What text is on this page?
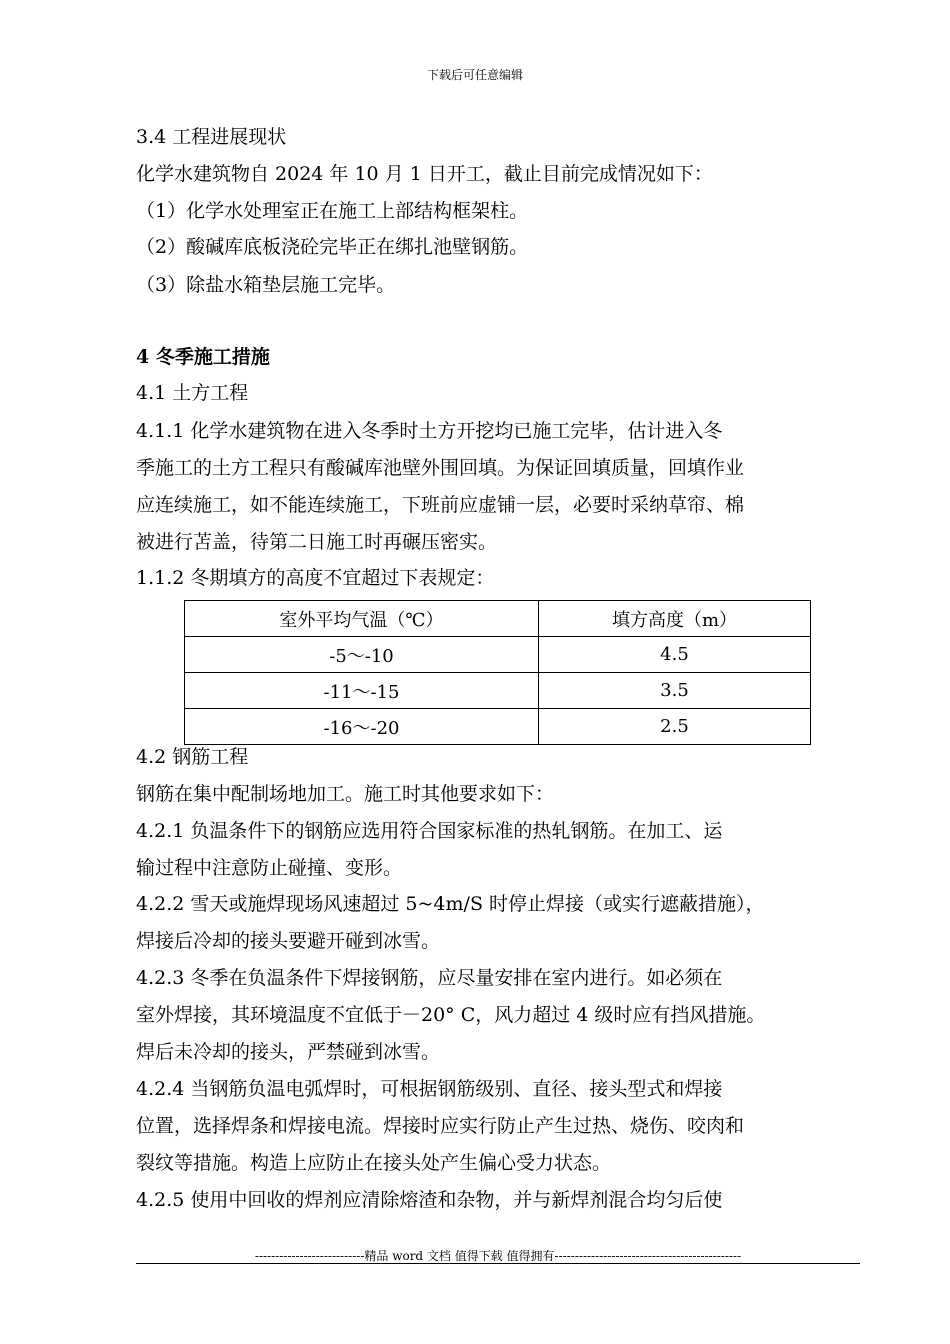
下载后可任意编辑
3.4 工程进展现状
化学水建筑物自 2024 年 10 月 1 日开工，截止目前完成情况如下：
（1）化学水处理室正在施工上部结构框架柱。
（2）酸碱库底板浇砼完毕正在绑扎池壁钢筋。
（3）除盐水箱垫层施工完毕。
4 冬季施工措施
4.1 土方工程
4.1.1 化学水建筑物在进入冬季时土方开挖均已施工完毕，估计进入冬
季施工的土方工程只有酸碱库池壁外围回填。为保证回填质量，回填作业
应连续施工，如不能连续施工，下班前应虚铺一层，必要时采纳草帘、棉
被进行苫盖，待第二日施工时再碾压密实。
1.1.2 冬期填方的高度不宜超过下表规定：
室外平均气温（℃）	填方高度（m）
-5～-10	4.5
-11～-15	3.5
-16～-20	2.5
4.2 钢筋工程
钢筋在集中配制场地加工。施工时其他要求如下：
4.2.1 负温条件下的钢筋应选用符合国家标准的热轧钢筋。在加工、运
输过程中注意防止碰撞、变形。
4.2.2 雪天或施焊现场风速超过 5~4m/S 时停止焊接（或实行遮蔽措施），
焊接后冷却的接头要避开碰到冰雪。
4.2.3 冬季在负温条件下焊接钢筋，应尽量安排在室内进行。如必须在
室外焊接，其环境温度不宜低于－20° C，风力超过 4 级时应有挡风措施。
焊后未冷却的接头，严禁碰到冰雪。
4.2.4 当钢筋负温电弧焊时，可根据钢筋级别、直径、接头型式和焊接
位置，选择焊条和焊接电流。焊接时应实行防止产生过热、烧伤、咬肉和
裂纹等措施。构造上应防止在接头处产生偏心受力状态。
4.2.5 使用中回收的焊剂应清除熔渣和杂物，并与新焊剂混合均匀后使
---------------------------精品 word 文档 值得下载 值得拥有----------------------------------------------
